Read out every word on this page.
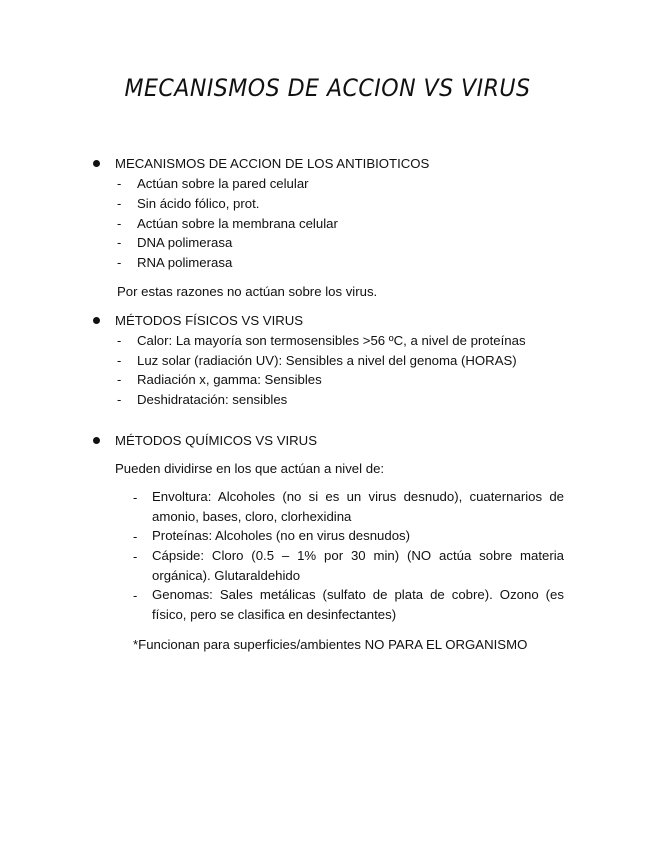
MECANISMOS DE ACCION VS VIRUS
MECANISMOS DE ACCION DE LOS ANTIBIOTICOS
- Actúan sobre la pared celular
- Sin ácido fólico, prot.
- Actúan sobre la membrana celular
- DNA polimerasa
- RNA polimerasa
Por estas razones no actúan sobre los virus.
MÉTODOS FÍSICOS VS VIRUS
- Calor: La mayoría son termosensibles >56 ºC, a nivel de proteínas
- Luz solar (radiación UV): Sensibles a nivel del genoma (HORAS)
- Radiación x, gamma: Sensibles
- Deshidratación: sensibles
MÉTODOS QUÍMICOS VS VIRUS
Pueden dividirse en los que actúan a nivel de:
- Envoltura: Alcoholes (no si es un virus desnudo), cuaternarios de amonio, bases, cloro, clorhexidina
- Proteínas: Alcoholes (no en virus desnudos)
- Cápside: Cloro (0.5 – 1% por 30 min) (NO actúa sobre materia orgánica). Glutaraldehido
- Genomas: Sales metálicas (sulfato de plata de cobre). Ozono (es físico, pero se clasifica en desinfectantes)
*Funcionan para superficies/ambientes NO PARA EL ORGANISMO
